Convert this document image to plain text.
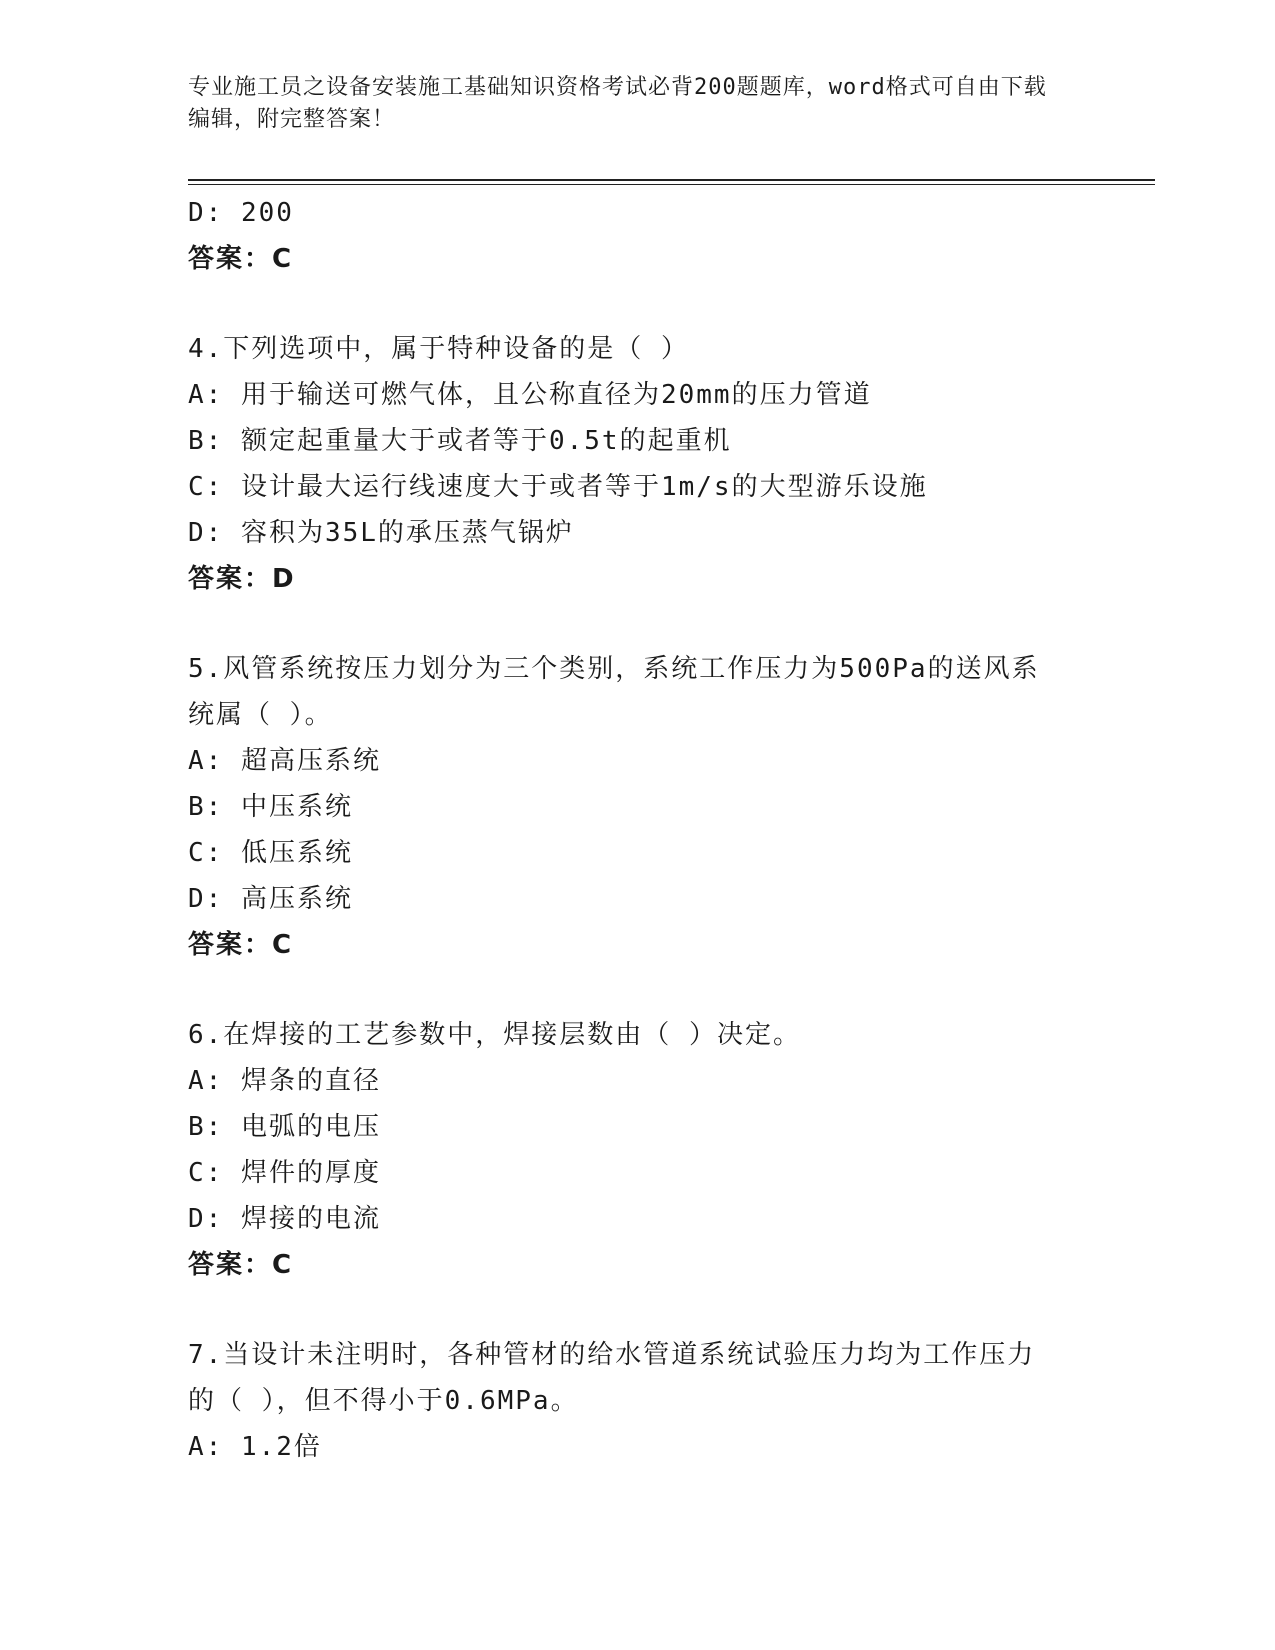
专业施工员之设备安装施工基础知识资格考试必背200题题库，word格式可自由下载编辑，附完整答案！

D: 200

答案：C

4.下列选项中，属于特种设备的是（ ）

A: 用于输送可燃气体，且公称直径为20mm的压力管道

B: 额定起重量大于或者等于0.5t的起重机

C: 设计最大运行线速度大于或者等于1m/s的大型游乐设施

D: 容积为35L的承压蒸气锅炉

答案：D

5.风管系统按压力划分为三个类别，系统工作压力为500Pa的送风系

统属（ ）。

A: 超高压系统

B: 中压系统

C: 低压系统

D: 高压系统

答案：C

6.在焊接的工艺参数中，焊接层数由（ ）决定。

A: 焊条的直径

B: 电弧的电压

C: 焊件的厚度

D: 焊接的电流

答案：C

7.当设计未注明时，各种管材的给水管道系统试验压力均为工作压力

的（ ），但不得小于0.6MPa。

A: 1.2倍
